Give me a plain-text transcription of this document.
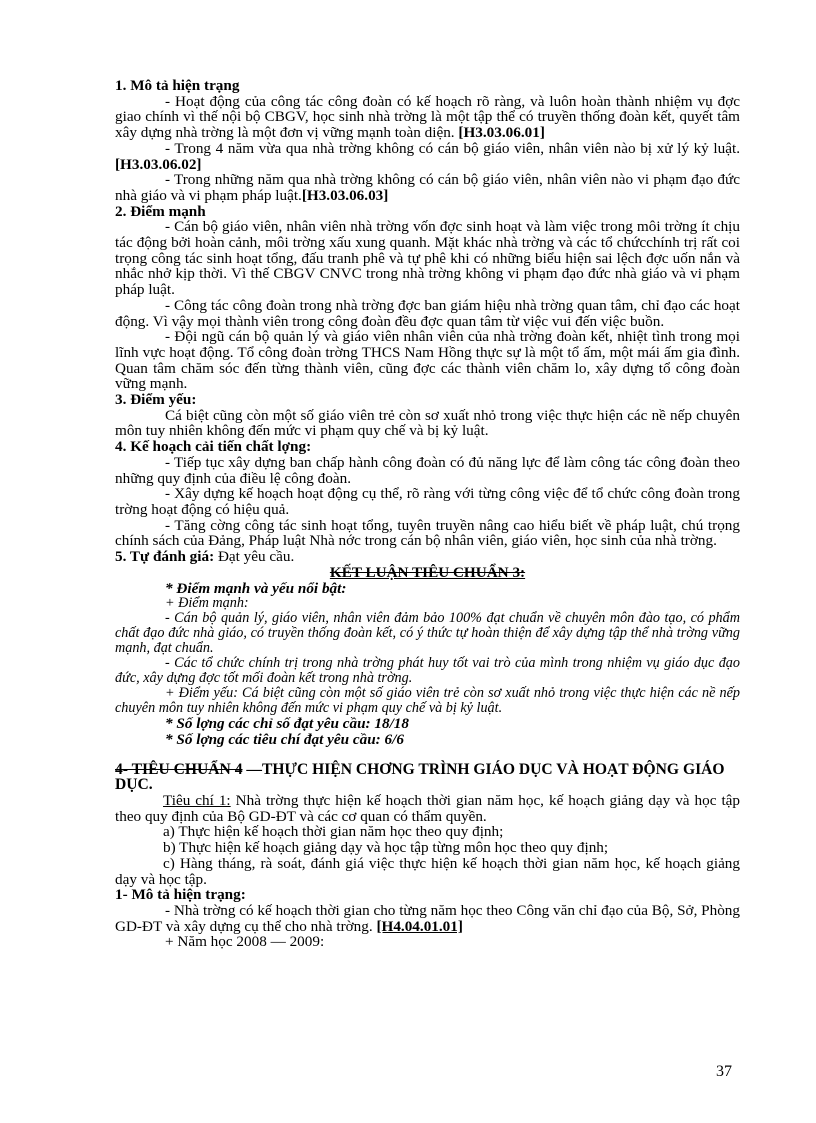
1. Mô tả hiện trạng

- Hoạt động của công tác công đoàn có kế hoạch rõ ràng, và luôn hoàn thành nhiệm vụ đợc giao chính vì thế nội bộ CBGV, học sinh nhà trờng là một tập thể có truyền thống đoàn kết, quyết tâm xây dựng nhà trờng là một đơn vị vững mạnh toàn diện. [H3.03.06.01]

- Trong 4 năm vừa qua nhà trờng không có cán bộ giáo viên, nhân viên nào bị xử lý kỷ luật.[H3.03.06.02]

- Trong những năm qua nhà trờng không có cán bộ giáo viên, nhân viên nào vi phạm đạo đức nhà giáo và vi phạm pháp luật.[H3.03.06.03]

2. Điểm mạnh

- Cán bộ giáo viên, nhân viên nhà trờng vốn đợc sinh hoạt và làm việc trong môi trờng ít chịu tác động bởi hoàn cảnh, môi trờng xấu xung quanh. Mặt khác nhà trờng và các tổ chứcchính trị rất coi trọng công tác sinh hoạt tổng, đấu tranh phê và tự phê khi có những biểu hiện sai lệch đợc uốn nắn và nhắc nhở kịp thời. Vì thế CBGV CNVC trong nhà trờng không vi phạm đạo đức nhà giáo và vi phạm pháp luật.

- Công tác công đoàn trong nhà trờng đợc ban giám hiệu nhà trờng quan tâm, chỉ đạo các hoạt động. Vì vậy mọi thành viên trong công đoàn đều đợc quan tâm từ việc vui đến việc buồn.

- Đội ngũ cán bộ quản lý và giáo viên nhân viên của nhà trờng đoàn kết, nhiệt tình trong mọi lĩnh vực hoạt động. Tổ công đoàn trờng THCS Nam Hồng thực sự là một tổ ấm, một mái ấm gia đình. Quan tâm chăm sóc đến từng thành viên, cũng đợc các thành viên chăm lo, xây dựng tổ công đoàn vững mạnh.

3. Điểm yếu:

Cá biệt cũng còn một số giáo viên trẻ còn sơ xuất nhỏ trong việc thực hiện các nề nếp chuyên môn tuy nhiên không đến mức vi phạm quy chế và bị kỷ luật.

4. Kế hoạch cải tiến chất lợng:

- Tiếp tục xây dựng ban chấp hành công đoàn có đủ năng lực để làm công tác công đoàn theo những quy định của điều lệ công đoàn.

- Xây dựng kế hoạch hoạt động cụ thể, rõ ràng với từng công việc để tổ chức công đoàn trong trờng hoạt động có hiệu quả.

- Tăng cờng công tác sinh hoạt tổng, tuyên truyền nâng cao hiểu biết về pháp luật, chú trọng chính sách của Đảng, Pháp luật Nhà nớc trong cán bộ nhân viên, giáo viên, học sinh của nhà trờng.

5. Tự đánh giá: Đạt yêu cầu.

KẾT LUẬN TIÊU CHUẨN 3:

* Điểm mạnh và yếu nổi bật:

+ Điểm mạnh:

- Cán bộ quản lý, giáo viên, nhân viên đảm bảo 100% đạt chuẩn về chuyên môn đào tạo, có phẩm chất đạo đức nhà giáo, có truyền thống đoàn kết, có ý thức tự hoàn thiện để xây dựng tập thể nhà trờng vững mạnh, đạt chuẩn.

- Các tổ chức chính trị trong nhà trờng phát huy tốt vai trò của mình trong nhiệm vụ giáo dục đạo đức, xây dựng đợc tốt mối đoàn kết trong nhà trờng.

+ Điểm yếu: Cá biệt cũng còn một số giáo viên trẻ còn sơ xuất nhỏ trong việc thực hiện các nề nếp chuyên môn tuy nhiên không đến mức vi phạm quy chế và bị kỷ luật.

* Số lợng các chỉ số đạt yêu cầu: 18/18

* Số lợng các tiêu chí đạt yêu cầu: 6/6

4- TIÊU CHUẨN 4 —THỰC HIỆN CHƠNG TRÌNH GIÁO DỤC VÀ HOẠT ĐỘNG GIÁO DỤC.

Tiêu chí 1: Nhà trờng thực hiện kế hoạch thời gian năm học, kế hoạch giảng dạy và học tập theo quy định của Bộ GD-ĐT và các cơ quan có thẩm quyền.

a) Thực hiện kế hoạch thời gian năm học theo quy định;

b) Thực hiện kế hoạch giảng dạy và học tập từng môn học theo quy định;

c) Hàng tháng, rà soát, đánh giá việc thực hiện kế hoạch thời gian năm học, kế hoạch giảng dạy và học tập.

1- Mô tả hiện trạng:

- Nhà trờng có kế hoạch thời gian cho từng năm học theo Công văn chỉ đạo của Bộ, Sở, Phòng GD-ĐT và xây dựng cụ thể cho nhà trờng. [H4.04.01.01]

+ Năm học 2008 — 2009:

37
